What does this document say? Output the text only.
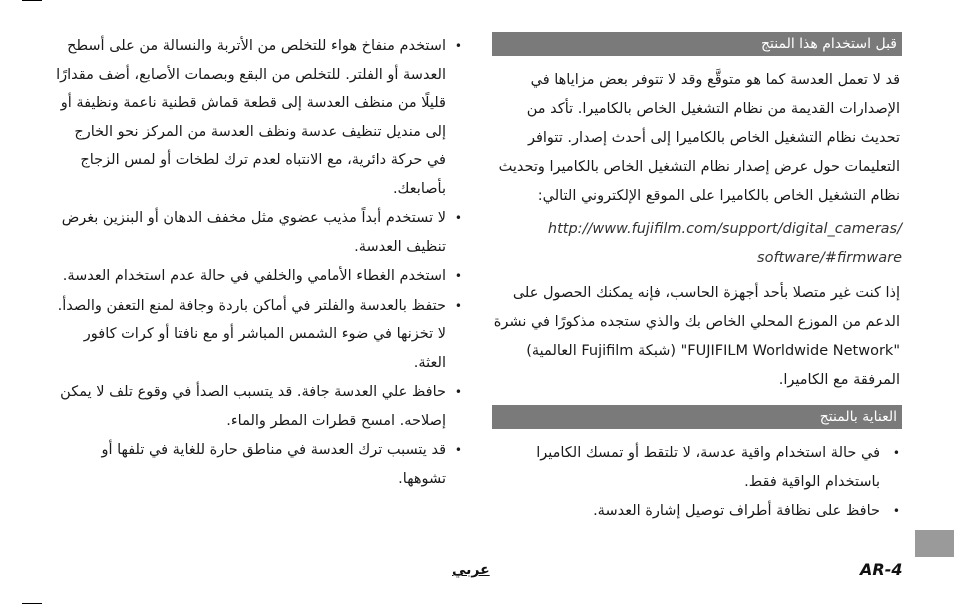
قبل استخدام هذا المنتج

قد لا تعمل العدسة كما هو متوقَّع وقد لا تتوفر بعض مزاياها في الإصدارات القديمة من نظام التشغيل الخاص بالكاميرا. تأكد من تحديث نظام التشغيل الخاص بالكاميرا إلى أحدث إصدار. تتوافر التعليمات حول عرض إصدار نظام التشغيل الخاص بالكاميرا وتحديث نظام التشغيل الخاص بالكاميرا على الموقع الإلكتروني التالي:

http://www.fujifilm.com/support/digital_cameras/
software/#firmware

إذا كنت غير متصلا بأحد أجهزة الحاسب، فإنه يمكنك الحصول على الدعم من الموزع المحلي الخاص بك والذي ستجده مذكورًا في نشرة "FUJIFILM Worldwide Network" (شبكة Fujifilm العالمية) المرفقة مع الكاميرا.

العناية بالمنتج
•
في حالة استخدام واقية عدسة، لا تلتقط أو تمسك الكاميرا باستخدام الواقية فقط.
•
حافظ على نظافة أطراف توصيل إشارة العدسة.
•
استخدم منفاخ هواء للتخلص من الأتربة والنسالة من على أسطح العدسة أو الفلتر. للتخلص من البقع وبصمات الأصابع، أضف مقدارًا قليلًا من منظف العدسة إلى قطعة قماش قطنية ناعمة ونظيفة أو إلى منديل تنظيف عدسة ونظف العدسة من المركز نحو الخارج في حركة دائرية، مع الانتباه لعدم ترك لطخات أو لمس الزجاج بأصابعك.
•
لا تستخدم أبداً مذيب عضوي مثل مخفف الدهان أو البنزين بغرض تنظيف العدسة.
•
استخدم الغطاء الأمامي والخلفي في حالة عدم استخدام العدسة.
•
حتفظ بالعدسة والفلتر في أماكن باردة وجافة لمنع التعفن والصدأ. لا تخزنها في ضوء الشمس المباشر أو مع نافتا أو كرات كافور العثة.
•
حافظ علي العدسة جافة. قد يتسبب الصدأ في وقوع تلف لا يمكن إصلاحه. امسح قطرات المطر والماء.
•
قد يتسبب ترك العدسة في مناطق حارة للغاية في تلفها أو تشوهها.
AR-4
عربي
